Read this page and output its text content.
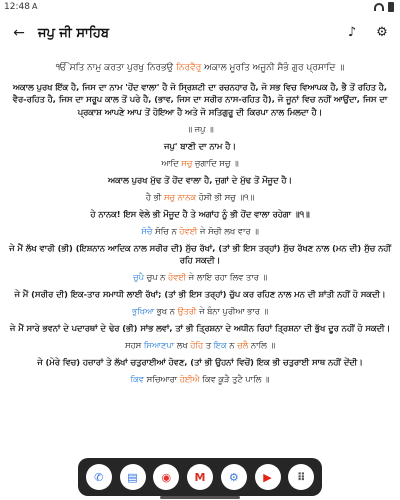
12:48 A
← ਜਪੁ ਜੀ ਸਾਹਿਬ	♪ ⚙
ੴ ਸਤਿ ਨਾਮੁ ਕਰਤਾ ਪੁਰਖੁ ਨਿਰਭਉ ਨਿਰਵੈਰੁ ਅਕਾਲ ਮੂਰਤਿ ਅਜੂਨੀ ਸੈਭੰ ਗੁਰ ਪ੍ਰਸਾਦਿ ॥
ਅਕਾਲ ਪੁਰਖ ਇੱਕ ਹੈ, ਜਿਸ ਦਾ ਨਾਮ 'ਹੋਂਦ ਵਾਲਾ' ਹੈ ਜੋ ਸ੍ਰਿਸ਼ਟੀ ਦਾ ਰਚਨਹਾਰ ਹੈ, ਜੋ ਸਭ ਵਿਚ ਵਿਆਪਕ ਹੈ, ਭੈ ਤੋਂ ਰਹਿਤ ਹੈ, ਵੈਰ-ਰਹਿਤ ਹੈ, ਜਿਸ ਦਾ ਸਰੂਪ ਕਾਲ ਤੋਂ ਪਰੇ ਹੈ, (ਭਾਵ, ਜਿਸ ਦਾ ਸਰੀਰ ਨਾਸ-ਰਹਿਤ ਹੈ), ਜੋ ਜੂਨਾਂ ਵਿਚ ਨਹੀਂ ਆਉਂਦਾ, ਜਿਸ ਦਾ ਪ੍ਰਕਾਸ਼ ਆਪਣੇ ਆਪ ਤੋਂ ਹੋਇਆ ਹੈ ਅਤੇ ਜੋ ਸਤਿਗੁਰੂ ਦੀ ਕਿਰਪਾ ਨਾਲ ਮਿਲਦਾ ਹੈ।
॥ ਜਪੁ ॥
ਜਪੁ' ਬਾਣੀ ਦਾ ਨਾਮ ਹੈ।
ਆਦਿ ਸਚੁ ਜੁਗਾਦਿ ਸਚੁ ॥
ਅਕਾਲ ਪੁਰਖ ਮੁੱਢ ਤੋਂ ਹੋਂਦ ਵਾਲਾ ਹੈ, ਜੁਗਾਂ ਦੇ ਮੁੱਢ ਤੋਂ ਮੌਜੂਦ ਹੈ।
ਹੈ ਭੀ ਸਚੁ ਨਾਨਕ ਹੋਸੀ ਭੀ ਸਚੁ ॥੧॥
ਹੇ ਨਾਨਕ! ਇਸ ਵੇਲੇ ਭੀ ਮੌਜੂਦ ਹੈ ਤੇ ਅਗਾਂਹ ਨੂੰ ਭੀ ਹੋਂਦ ਵਾਲਾ ਰਹੇਗਾ ॥੧॥
ਸੋਚੈ ਸੋਚਿ ਨ ਹੋਵਈ ਜੇ ਸੋਚੀ ਲਖ ਵਾਰ ॥
ਜੇ ਮੈਂ ਲੱਖ ਵਾਰੀ (ਭੀ) (ਇਸ਼ਨਾਨ ਆਦਿਕ ਨਾਲ ਸਰੀਰ ਦੀ) ਸੁੱਚ ਰੱਖਾਂ, (ਤਾਂ ਭੀ ਇਸ ਤਰ੍ਹਾਂ) ਸੁੱਚ ਰੱਖਣ ਨਾਲ (ਮਨ ਦੀ) ਸੁੱਚ ਨਹੀਂ ਰਹਿ ਸਕਦੀ।
ਚੁਪੈ ਚੁਪ ਨ ਹੋਵਈ ਜੇ ਲਾਇ ਰਹਾ ਲਿਵ ਤਾਰ ॥
ਜੇ ਮੈਂ (ਸਰੀਰ ਦੀ) ਇਕ-ਤਾਰ ਸਮਾਧੀ ਲਾਈ ਰੱਖਾਂ; (ਤਾਂ ਭੀ ਇਸ ਤਰ੍ਹਾਂ) ਚੁੱਪ ਕਰ ਰਹਿਣ ਨਾਲ ਮਨ ਦੀ ਸ਼ਾਂਤੀ ਨਹੀਂ ਹੋ ਸਕਦੀ।
ਭੁਖਿਆ ਭੁਖ ਨ ਉਤਰੀ ਜੇ ਬੰਨਾ ਪੁਰੀਆ ਭਾਰ ॥
ਜੇ ਮੈਂ ਸਾਰੇ ਭਵਨਾਂ ਦੇ ਪਦਾਰਥਾਂ ਦੇ ਢੇਰ (ਭੀ) ਸਾਂਭ ਲਵਾਂ, ਤਾਂ ਭੀ ਤ੍ਰਿਸ਼ਨਾ ਦੇ ਅਧੀਨ ਰਿਹਾਂ ਤ੍ਰਿਸ਼ਨਾ ਦੀ ਭੁੱਖ ਦੂਰ ਨਹੀਂ ਹੋ ਸਕਦੀ।
ਸਹਸ ਸਿਆਣਪਾ ਲਖ ਹੋਹਿ ਤ ਇਕ ਨ ਚਲੈ ਨਾਲਿ ॥
ਜੇ (ਮੇਰੇ ਵਿਚ) ਹਜ਼ਾਰਾਂ ਤੇ ਲੱਖਾਂ ਚਤੁਰਾਈਆਂ ਹੋਵਣ, (ਤਾਂ ਭੀ ਉਹਨਾਂ ਵਿਚੋਂ) ਇਕ ਭੀ ਚਤੁਰਾਈ ਸਾਥ ਨਹੀਂ ਦੇਂਦੀ।
ਕਿਵ ਸਚਿਆਰਾ ਹੋਈਐ ਕਿਵ ਕੂੜੈ ਤੁਟੈ ਪਾਲਿ ॥
✆	▤	◉	M	⚙	▶	⠿
